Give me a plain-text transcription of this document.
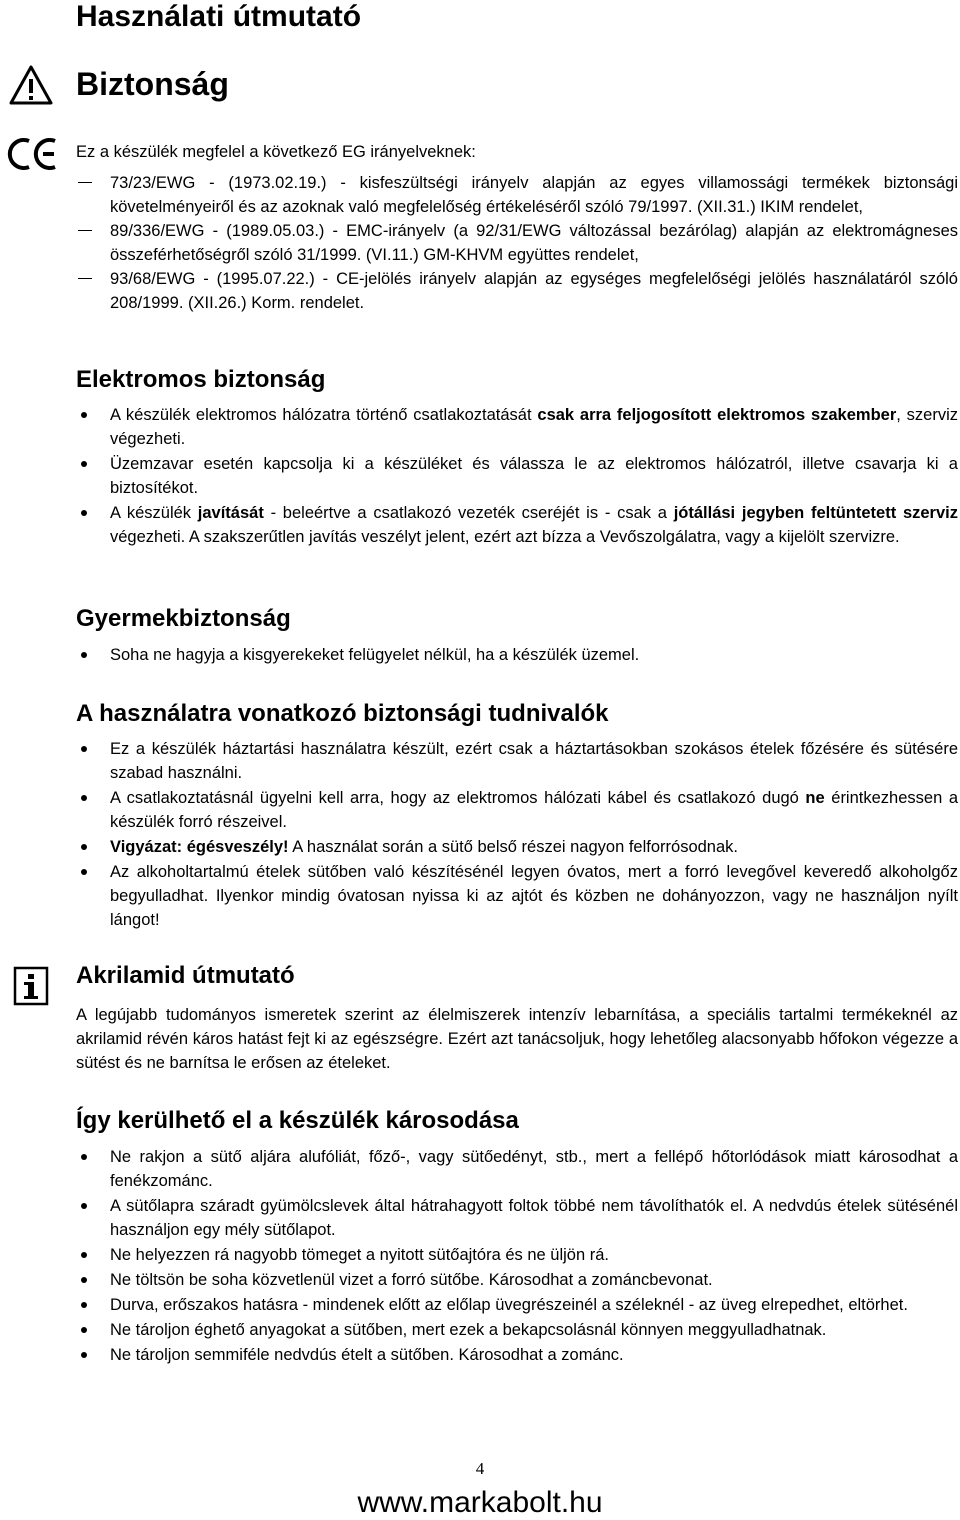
Használati útmutató
Biztonság

Ez a készülék megfelel a következő EG irányelveknek:

73/23/EWG - (1973.02.19.) - kisfeszültségi irányelv alapján az egyes villamossági termékek biztonsági követelményeiről és az azoknak való megfelelőség értékeléséről szóló 79/1997. (XII.31.) IKIM rendelet,
89/336/EWG - (1989.05.03.) - EMC-irányelv (a 92/31/EWG változással bezárólag) alapján az elektromágneses összeférhetőségről szóló 31/1999. (VI.11.) GM-KHVM együttes rendelet,
93/68/EWG - (1995.07.22.) - CE-jelölés irányelv alapján az egységes megfelelőségi jelölés használatáról szóló 208/1999. (XII.26.) Korm. rendelet.
Elektromos biztonság
A készülék elektromos hálózatra történő csatlakoztatását csak arra feljogosított elektromos szakember, szerviz végezheti.
Üzemzavar esetén kapcsolja ki a készüléket és válassza le az elektromos hálózatról, illetve csavarja ki a biztosítékot.
A készülék javítását - beleértve a csatlakozó vezeték cseréjét is - csak a jótállási jegyben feltüntetett szerviz végezheti. A szakszerűtlen javítás veszélyt jelent, ezért azt bízza a Vevőszolgálatra, vagy a kijelölt szervizre.
Gyermekbiztonság
Soha ne hagyja a kisgyerekeket felügyelet nélkül, ha a készülék üzemel.
A használatra vonatkozó biztonsági tudnivalók
Ez a készülék háztartási használatra készült, ezért csak a háztartásokban szokásos ételek főzésére és sütésére szabad használni.
A csatlakoztatásnál ügyelni kell arra, hogy az elektromos hálózati kábel és csatlakozó dugó ne érintkezhessen a készülék forró részeivel.
Vigyázat: égésveszély! A használat során a sütő belső részei nagyon felforrósodnak.
Az alkoholtartalmú ételek sütőben való készítésénél legyen óvatos, mert a forró levegővel keveredő alkoholgőz begyulladhat. Ilyenkor mindig óvatosan nyissa ki az ajtót és közben ne dohányozzon, vagy ne használjon nyílt lángot!
Akrilamid útmutató

A legújabb tudományos ismeretek szerint az élelmiszerek intenzív lebarnítása, a speciális tartalmi termékeknél az akrilamid révén káros hatást fejt ki az egészségre. Ezért azt tanácsoljuk, hogy lehetőleg alacsonyabb hőfokon végezze a sütést és ne barnítsa le erősen az ételeket.

Így kerülhető el a készülék károsodása
Ne rakjon a sütő aljára alufóliát, főző-, vagy sütőedényt, stb., mert a fellépő hőtorlódások miatt károsodhat a fenékzománc.
A sütőlapra száradt gyümölcslevek által hátrahagyott foltok többé nem távolíthatók el. A nedvdús ételek sütésénél használjon egy mély sütőlapot.
Ne helyezzen rá nagyobb tömeget a nyitott sütőajtóra és ne üljön rá.
Ne töltsön be soha közvetlenül vizet a forró sütőbe. Károsodhat a zománcbevonat.
Durva, erőszakos hatásra - mindenek előtt az előlap üvegrészeinél a széleknél - az üveg elrepedhet, eltörhet.
Ne tároljon éghető anyagokat a sütőben, mert ezek a bekapcsolásnál könnyen meggyulladhatnak.
Ne tároljon semmiféle nedvdús ételt a sütőben. Károsodhat a zománc.
4
www.markabolt.hu
